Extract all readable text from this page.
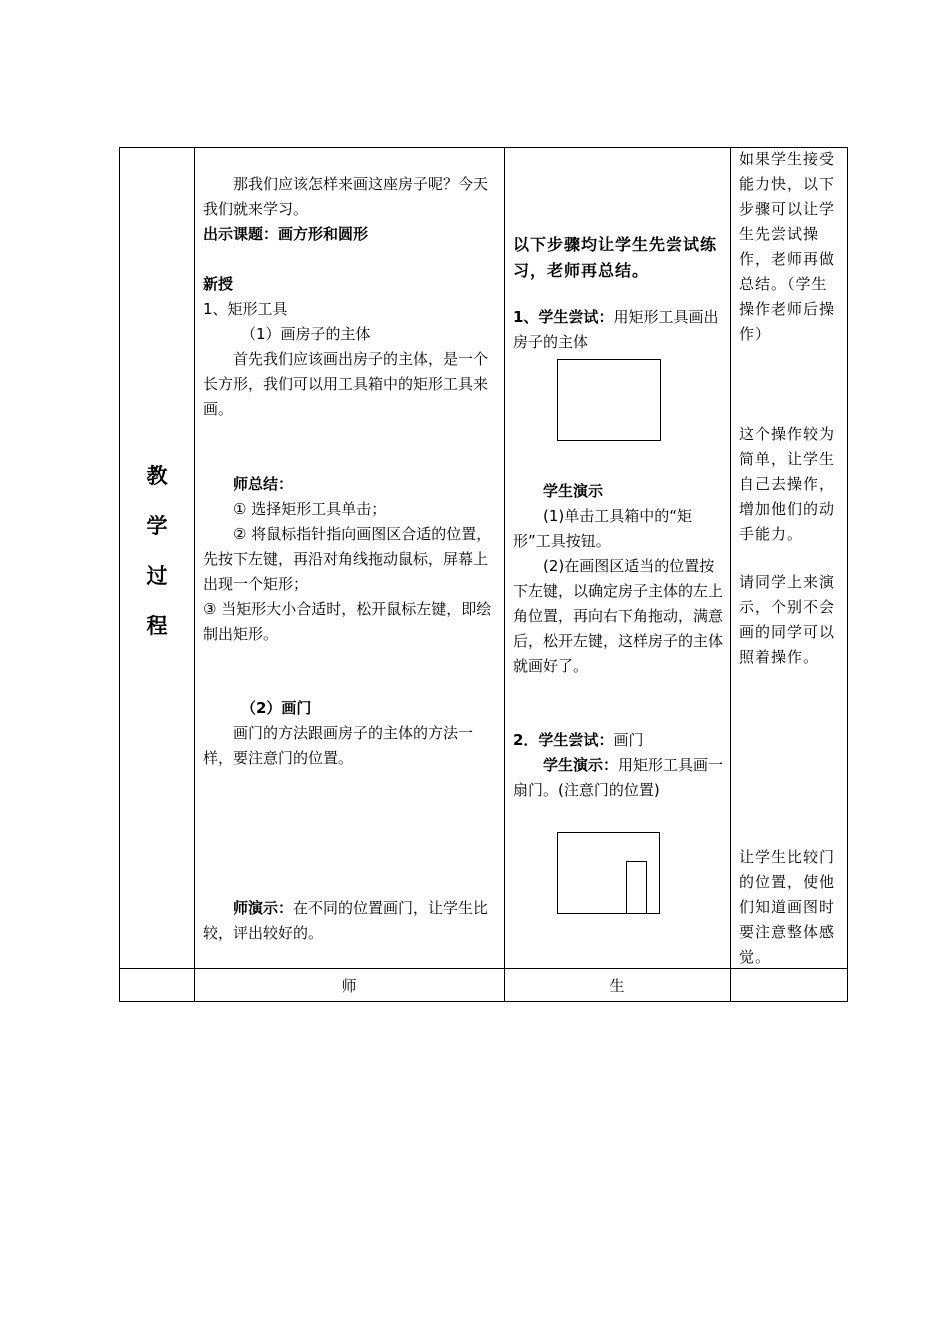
教
学
过
程

那我们应该怎样来画这座房子呢？今天我们就来学习。

出示课题：画方形和圆形

新授

1、矩形工具

（1）画房子的主体

首先我们应该画出房子的主体，是一个长方形，我们可以用工具箱中的矩形工具来画。

师总结：

① 选择矩形工具单击；

② 将鼠标指针指向画图区合适的位置，先按下左键，再沿对角线拖动鼠标，屏幕上出现一个矩形；

③ 当矩形大小合适时，松开鼠标左键，即绘制出矩形。

（2）画门

画门的方法跟画房子的主体的方法一样，要注意门的位置。

师演示：在不同的位置画门，让学生比较，评出较好的。

以下步骤均让学生先尝试练习，老师再总结。

1、学生尝试：用矩形工具画出房子的主体

学生演示

(1)单击工具箱中的“矩形”工具按钮。

(2)在画图区适当的位置按下左键，以确定房子主体的左上角位置，再向右下角拖动，满意后，松开左键，这样房子的主体就画好了。

2．学生尝试：画门

学生演示：用矩形工具画一扇门。(注意门的位置)

如果学生接受能力快，以下步骤可以让学生先尝试操作，老师再做总结。（学生操作老师后操作）
这个操作较为简单，让学生自己去操作，增加他们的动手能力。
请同学上来演示，个别不会画的同学可以照着操作。
让学生比较门的位置，使他们知道画图时要注意整体感觉。
师	生
